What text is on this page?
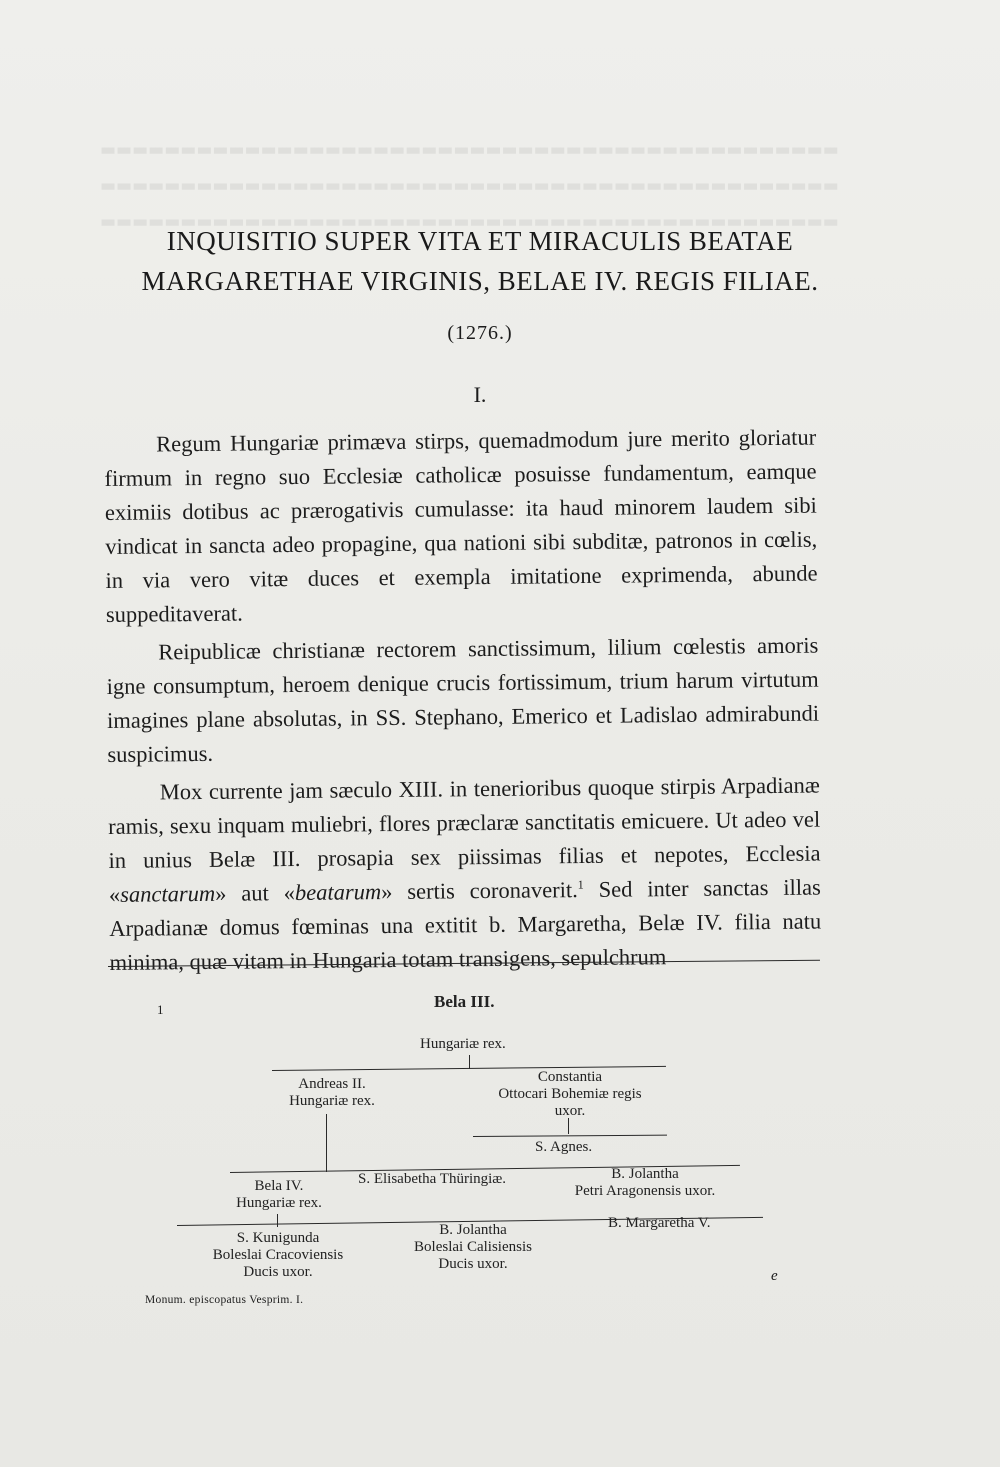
▬▬▬▬▬▬▬▬▬▬▬▬▬▬▬▬▬▬▬▬▬▬▬▬▬▬▬▬▬▬▬▬▬▬▬▬▬▬▬▬▬▬▬▬▬▬
▬▬▬▬▬▬▬▬▬▬▬▬▬▬▬▬▬▬▬▬▬▬▬▬▬▬▬▬▬▬▬▬▬▬▬▬▬▬▬▬▬▬▬▬▬▬
▬▬▬▬▬▬▬▬▬▬▬▬▬▬▬▬▬▬▬▬▬▬▬▬▬▬▬▬▬▬▬▬▬▬▬▬▬▬▬▬▬▬▬▬▬▬
INQUISITIO SUPER VITA ET MIRACULIS BEATAE
MARGARETHAE VIRGINIS, BELAE IV. REGIS FILIAE.
(1276.)
I.

Regum Hungariæ primæva stirps, quemadmodum jure merito gloriatur firmum in regno suo Ecclesiæ catholicæ posuisse fundamentum, eamque eximiis dotibus ac prærogativis cumulasse: ita haud minorem laudem sibi vindicat in sancta adeo propagine, qua nationi sibi subditæ, patronos in cœlis, in via vero vitæ duces et exempla imitatione exprimenda, abunde suppeditaverat.

Reipublicæ christianæ rectorem sanctissimum, lilium cœlestis amoris igne consumptum, heroem denique crucis fortissimum, trium harum virtutum imagines plane absolutas, in SS. Stephano, Emerico et Ladislao admirabundi suspicimus.

Mox currente jam sæculo XIII. in tenerioribus quoque stirpis Arpadianæ ramis, sexu inquam muliebri, flores præclaræ sanctitatis emicuere. Ut adeo vel in unius Belæ III. prosapia sex piissimas filias et nepotes, Ecclesia «sanctarum» aut «beatarum» sertis coronaverit.$^1$ Sed inter sanctas illas Arpadianæ domus fœminas una extitit b. Margaretha, Belæ IV. filia natu minima, quæ vitam in Hungaria totam transigens, sepulchrum

1	Bela III.
Hungariæ rex.
Andreas II.
Hungariæ rex.
Constantia
Ottocari Bohemiæ regis
uxor.
S. Agnes.
Bela IV.
Hungariæ rex.
S. Elisabetha Thüringiæ.	B. Jolantha
Petri Aragonensis uxor.
S. Kunigunda
Boleslai Cracoviensis
Ducis uxor.
B. Jolantha
Boleslai Calisiensis
Ducis uxor.
B. Margaretha V.
e
Monum. episcopatus Vesprim. I.
